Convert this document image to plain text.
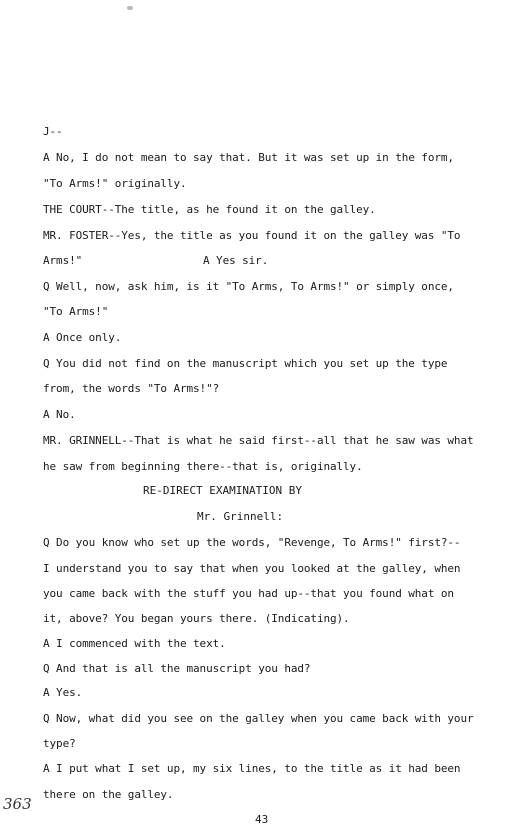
J--
A No, I do not mean to say that. But it was set up in the form,
"To Arms!" originally.
THE COURT--The title, as he found it on the galley.
MR. FOSTER--Yes, the title as you found it on the galley was "To
Arms!"	A Yes sir.
Q Well, now, ask him, is it "To Arms, To Arms!" or simply once,
"To Arms!"
A Once only.
Q You did not find on the manuscript which you set up the type
from, the words "To Arms!"?
A No.
MR. GRINNELL--That is what he said first--all that he saw was what
he saw from beginning there--that is, originally.
RE-DIRECT EXAMINATION BY
Mr. Grinnell:
Q Do you know who set up the words, "Revenge, To Arms!" first?--
I understand you to say that when you looked at the galley, when
you came back with the stuff you had up--that you found what on
it, above? You began yours there. (Indicating).
A I commenced with the text.
Q And that is all the manuscript you had?
A Yes.
Q Now, what did you see on the galley when you came back with your
type?
A I put what I set up, my six lines, to the title as it had been
there on the galley.
363
43
